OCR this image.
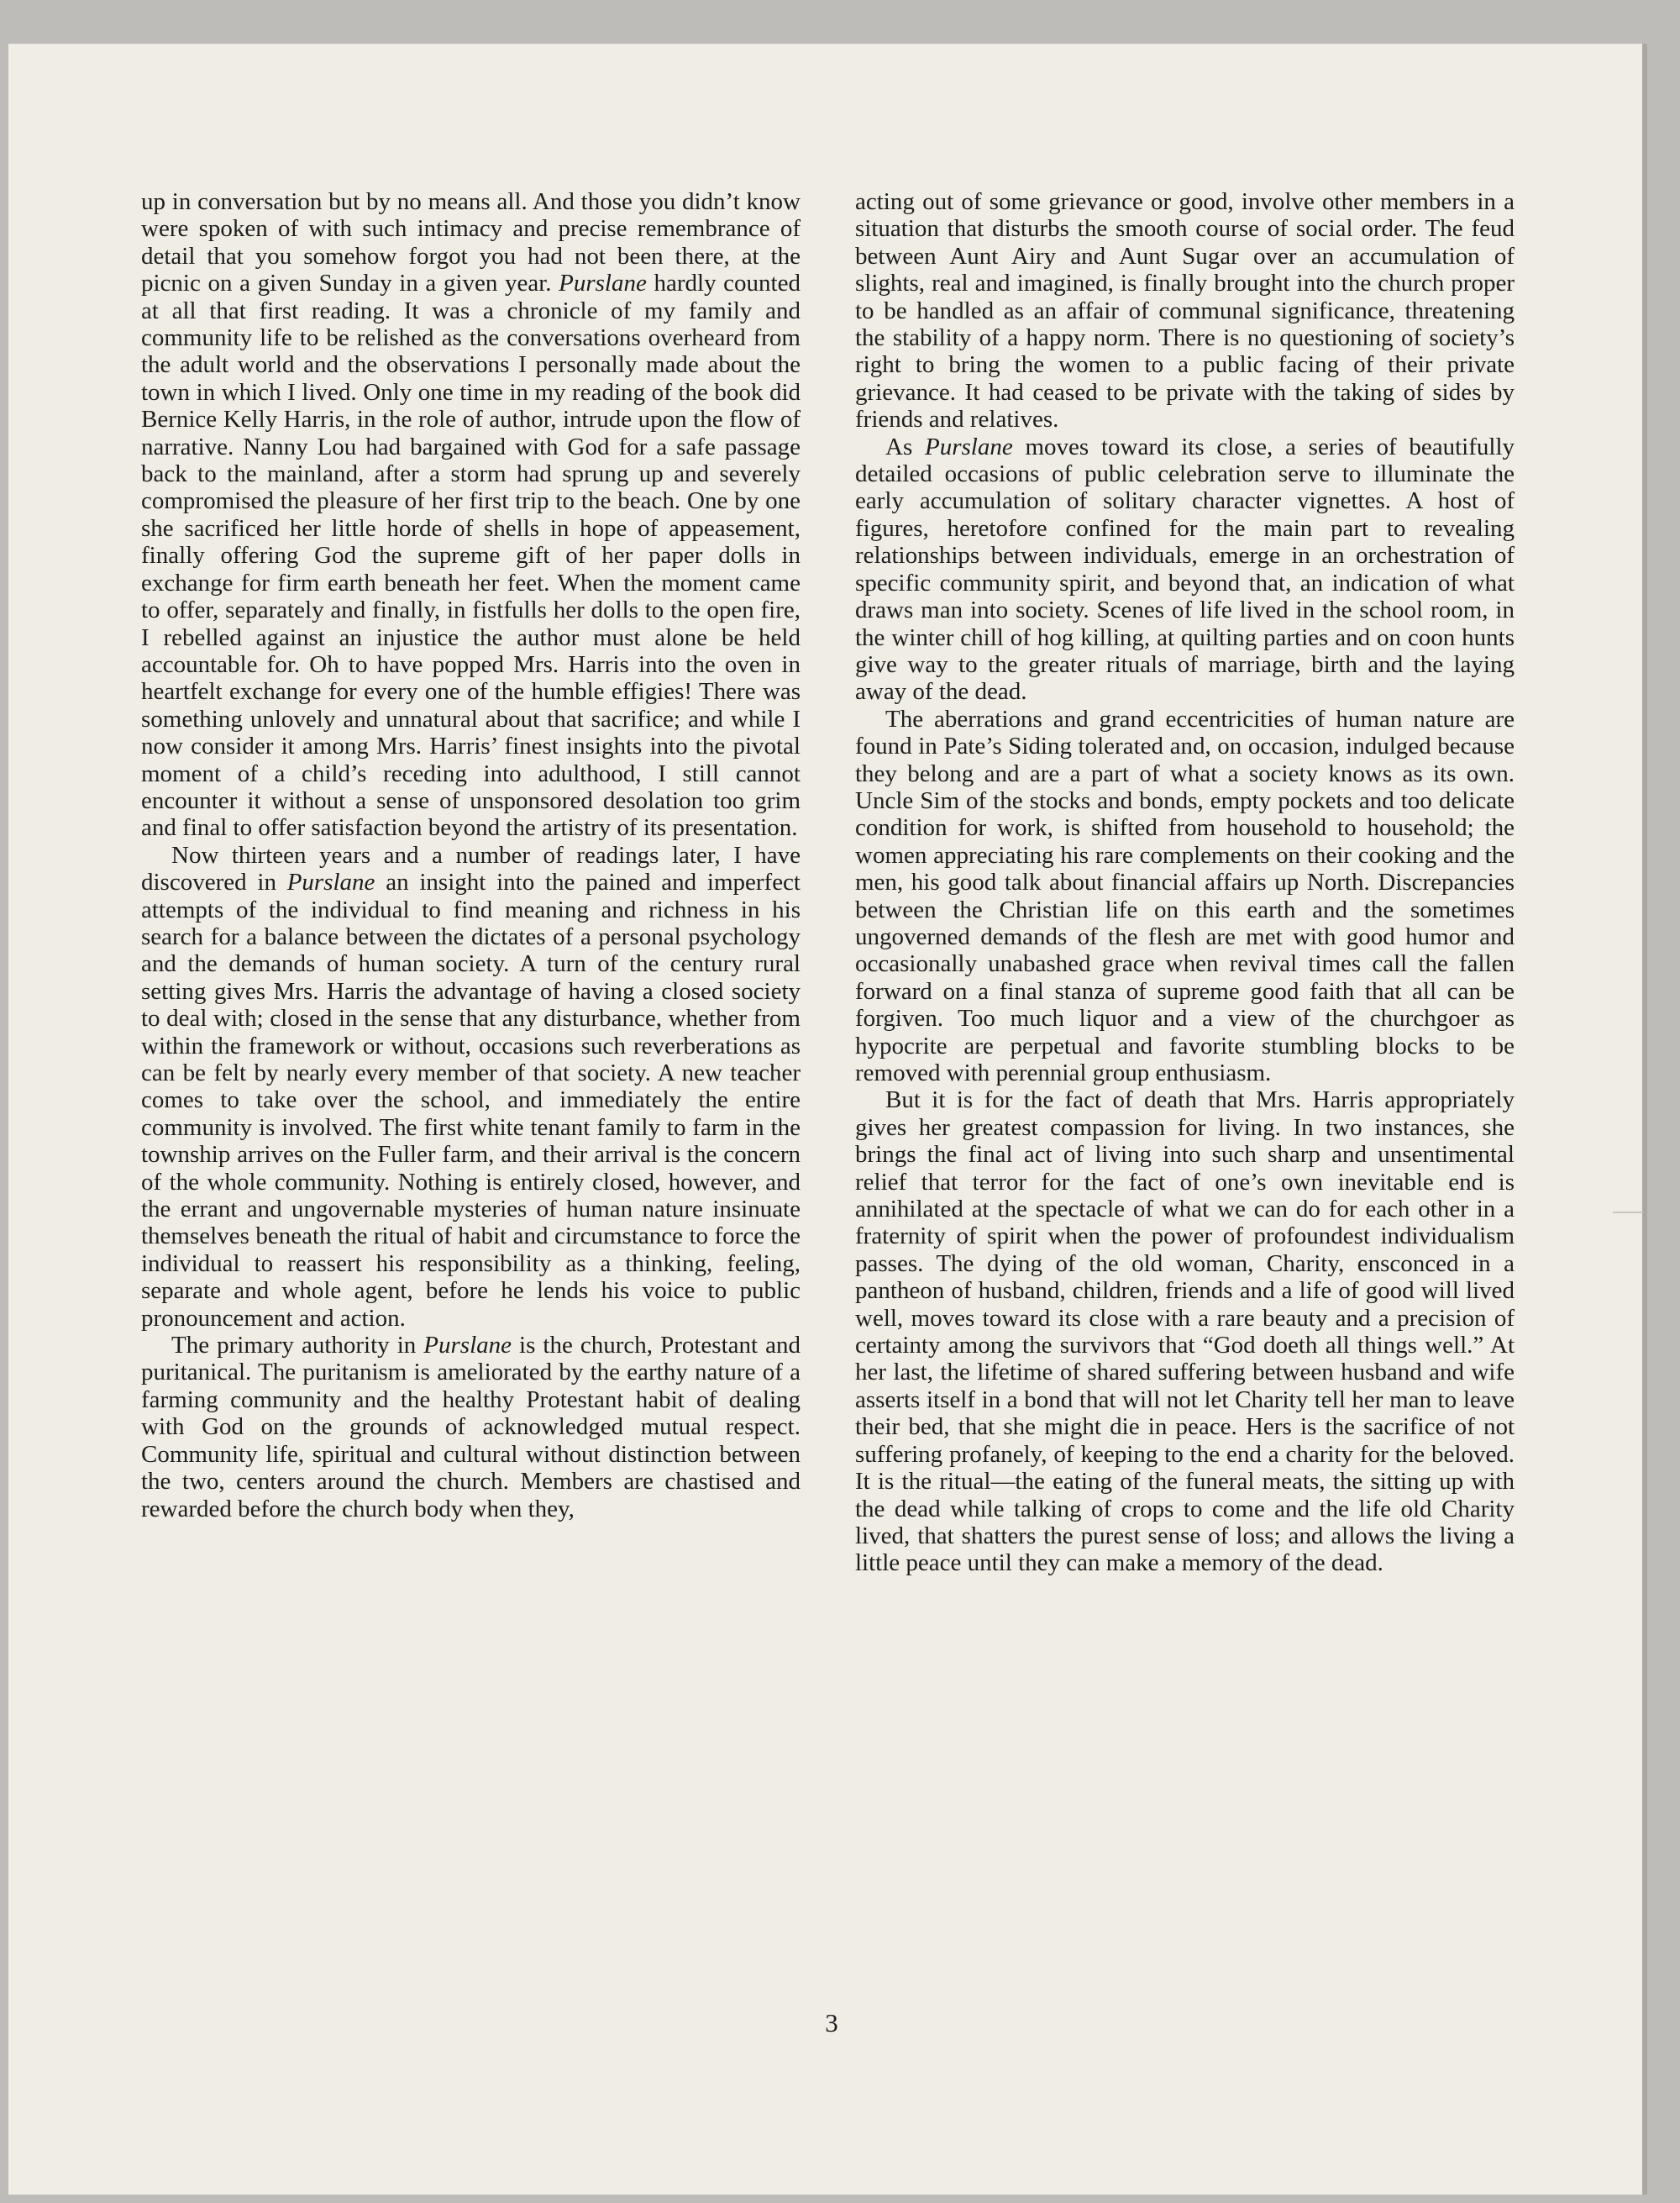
up in conversation but by no means all. And those you didn’t know were spoken of with such intimacy and precise remembrance of detail that you somehow forgot you had not been there, at the picnic on a given Sunday in a given year. Purslane hardly counted at all that first reading. It was a chronicle of my family and community life to be relished as the conversations overheard from the adult world and the observations I personally made about the town in which I lived. Only one time in my reading of the book did Bernice Kelly Harris, in the role of author, intrude upon the flow of narrative. Nanny Lou had bargained with God for a safe passage back to the mainland, after a storm had sprung up and severely compromised the pleasure of her first trip to the beach. One by one she sacrificed her little horde of shells in hope of appeasement, finally offering God the supreme gift of her paper dolls in exchange for firm earth beneath her feet. When the moment came to offer, separately and finally, in fistfulls her dolls to the open fire, I rebelled against an injustice the author must alone be held accountable for. Oh to have popped Mrs. Harris into the oven in heartfelt exchange for every one of the humble effigies! There was something unlovely and unnatural about that sacrifice; and while I now consider it among Mrs. Harris’ finest insights into the pivotal moment of a child’s receding into adulthood, I still cannot encounter it without a sense of unsponsored desolation too grim and final to offer satisfaction beyond the artistry of its presentation.

Now thirteen years and a number of readings later, I have discovered in Purslane an insight into the pained and imperfect attempts of the individual to find meaning and richness in his search for a balance between the dictates of a personal psychology and the demands of human society. A turn of the century rural setting gives Mrs. Harris the advantage of having a closed society to deal with; closed in the sense that any disturbance, whether from within the framework or without, occasions such reverberations as can be felt by nearly every member of that society. A new teacher comes to take over the school, and immediately the entire community is involved. The first white tenant family to farm in the township arrives on the Fuller farm, and their arrival is the concern of the whole community. Nothing is entirely closed, however, and the errant and ungovernable mysteries of human nature insinuate themselves beneath the ritual of habit and circumstance to force the individual to reassert his responsibility as a thinking, feeling, separate and whole agent, before he lends his voice to public pronouncement and action.

The primary authority in Purslane is the church, Protestant and puritanical. The puritanism is ameliorated by the earthy nature of a farming community and the healthy Protestant habit of dealing with God on the grounds of acknowledged mutual respect. Community life, spiritual and cultural without distinction between the two, centers around the church. Members are chastised and rewarded before the church body when they,

acting out of some grievance or good, involve other members in a situation that disturbs the smooth course of social order. The feud between Aunt Airy and Aunt Sugar over an accumulation of slights, real and imagined, is finally brought into the church proper to be handled as an affair of communal significance, threatening the stability of a happy norm. There is no questioning of society’s right to bring the women to a public facing of their private grievance. It had ceased to be private with the taking of sides by friends and relatives.

As Purslane moves toward its close, a series of beautifully detailed occasions of public celebration serve to illuminate the early accumulation of solitary character vignettes. A host of figures, heretofore confined for the main part to revealing relationships between individuals, emerge in an orchestration of specific community spirit, and beyond that, an indication of what draws man into society. Scenes of life lived in the school room, in the winter chill of hog killing, at quilting parties and on coon hunts give way to the greater rituals of marriage, birth and the laying away of the dead.

The aberrations and grand eccentricities of human nature are found in Pate’s Siding tolerated and, on occasion, indulged because they belong and are a part of what a society knows as its own. Uncle Sim of the stocks and bonds, empty pockets and too delicate condition for work, is shifted from household to household; the women appreciating his rare complements on their cooking and the men, his good talk about financial affairs up North. Discrepancies between the Christian life on this earth and the sometimes ungoverned demands of the flesh are met with good humor and occasionally unabashed grace when revival times call the fallen forward on a final stanza of supreme good faith that all can be forgiven. Too much liquor and a view of the churchgoer as hypocrite are perpetual and favorite stumbling blocks to be removed with perennial group enthusiasm.

But it is for the fact of death that Mrs. Harris appropriately gives her greatest compassion for living. In two instances, she brings the final act of living into such sharp and unsentimental relief that terror for the fact of one’s own inevitable end is annihilated at the spectacle of what we can do for each other in a fraternity of spirit when the power of profoundest individualism passes. The dying of the old woman, Charity, ensconced in a pantheon of husband, children, friends and a life of good will lived well, moves toward its close with a rare beauty and a precision of certainty among the survivors that “God doeth all things well.” At her last, the lifetime of shared suffering between husband and wife asserts itself in a bond that will not let Charity tell her man to leave their bed, that she might die in peace. Hers is the sacrifice of not suffering profanely, of keeping to the end a charity for the beloved. It is the ritual—the eating of the funeral meats, the sitting up with the dead while talking of crops to come and the life old Charity lived, that shatters the purest sense of loss; and allows the living a little peace until they can make a memory of the dead.

3
